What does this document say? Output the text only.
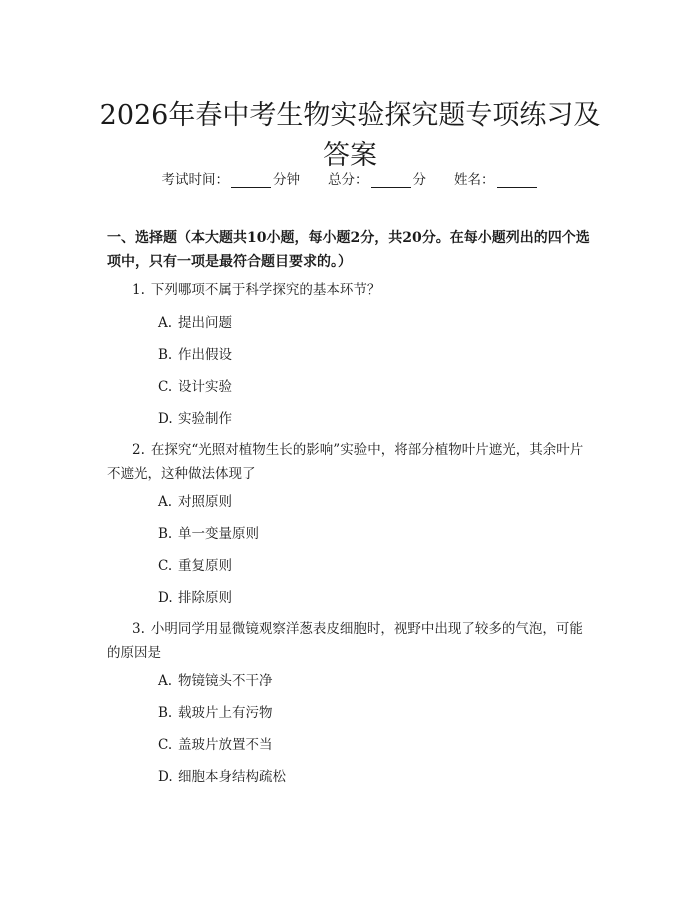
2026年春中考生物实验探究题专项练习及答案
考试时间：	分钟 总分：	分 姓名：

一、选择题（本大题共10小题，每小题2分，共20分。在每小题列出的四个选项中，只有一项是最符合题目要求的。）

1. 下列哪项不属于科学探究的基本环节？

A. 提出问题
B. 作出假设
C. 设计实验
D. 实验制作

2. 在探究“光照对植物生长的影响”实验中，将部分植物叶片遮光，其余叶片不遮光，这种做法体现了

A. 对照原则
B. 单一变量原则
C. 重复原则
D. 排除原则

3. 小明同学用显微镜观察洋葱表皮细胞时，视野中出现了较多的气泡，可能的原因是

A. 物镜镜头不干净
B. 载玻片上有污物
C. 盖玻片放置不当
D. 细胞本身结构疏松
